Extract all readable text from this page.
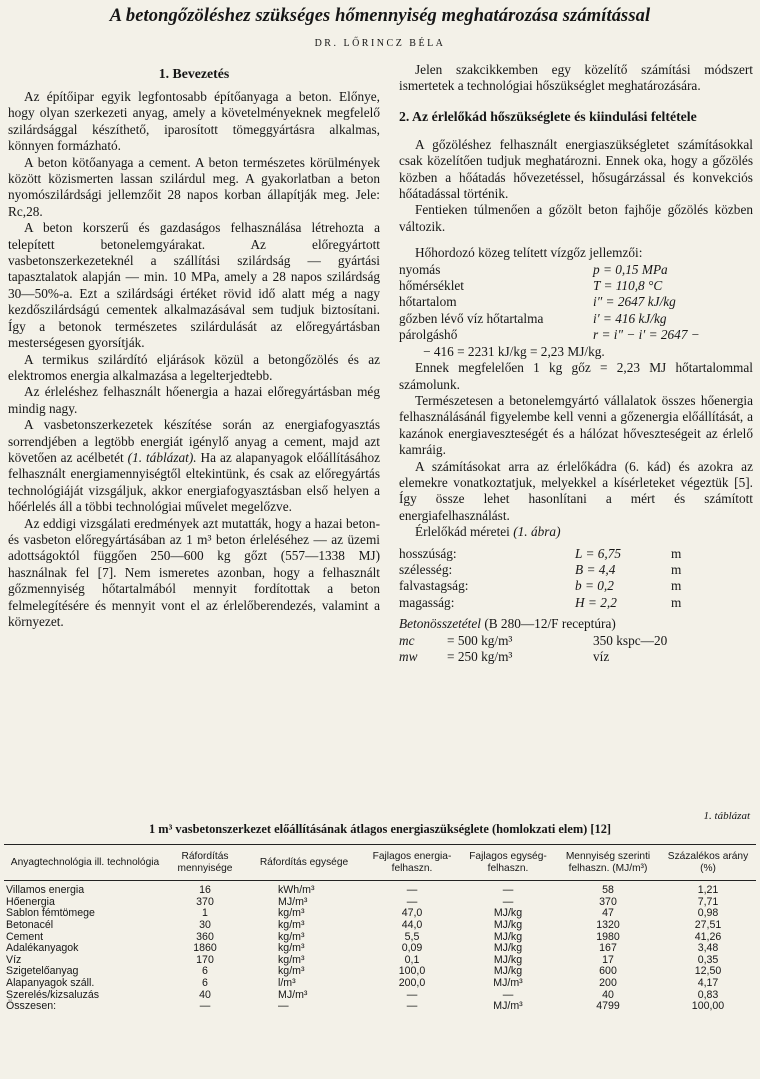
A betongőzöléshez szükséges hőmennyiség meghatározása számítással
DR. LŐRINCZ BÉLA
1. Bevezetés

Az építőipar egyik legfontosabb építőanyaga a beton. Előnye, hogy olyan szerkezeti anyag, amely a követelményeknek megfelelő szilárdsággal készíthető, iparosított tömeggyártásra alkalmas, könnyen formázható.

A beton kötőanyaga a cement. A beton természetes körülmények között közismerten lassan szilárdul meg. A gyakorlatban a beton nyomószilárdsági jellemzőit 28 napos korban állapítják meg. Jele: Rc,28.

A beton korszerű és gazdaságos felhasználása létrehozta a telepített betonelemgyárakat. Az előregyártott vasbetonszerkezeteknél a szállítási szilárdság — gyártási tapasztalatok alapján — min. 10 MPa, amely a 28 napos szilárdság 30—50%-a. Ezt a szilárdsági értéket rövid idő alatt még a nagy kezdőszilárdságú cementek alkalmazásával sem tudjuk biztosítani. Így a betonok természetes szilárdulását az előregyártásban mesterségesen gyorsítják.

A termikus szilárdító eljárások közül a betongőzölés és az elektromos energia alkalmazása a legelterjedtebb.

Az érleléshez felhasznált hőenergia a hazai előregyártásban még mindig nagy.

A vasbetonszerkezetek készítése során az energiafogyasztás sorrendjében a legtöbb energiát igénylő anyag a cement, majd azt követően az acélbetét (1. táblázat). Ha az alapanyagok előállításához felhasznált energiamennyiségtől eltekintünk, és csak az előregyártás technológiáját vizsgáljuk, akkor energiafogyasztásban első helyen a hőérlelés áll a többi technológiai művelet megelőzve.

Az eddigi vizsgálati eredmények azt mutatták, hogy a hazai beton- és vasbeton előregyártásában az 1 m³ beton érleléséhez — az üzemi adottságoktól függően 250—600 kg gőzt (557—1338 MJ) használnak fel [7]. Nem ismeretes azonban, hogy a felhasznált gőzmennyiség hőtartalmából mennyit fordítottak a beton felmelegítésére és mennyit vont el az érlelőberendezés, valamint a környezet.

Jelen szakcikkemben egy közelítő számítási módszert ismertetek a technológiai hőszükséglet meghatározására.

2. Az érlelőkád hőszükséglete és kiindulási feltétele

A gőzöléshez felhasznált energiaszükségletet számításokkal csak közelítően tudjuk meghatározni. Ennek oka, hogy a gőzölés közben a hőátadás hővezetéssel, hősugárzással és konvekciós hőátadással történik.

Fentieken túlmenően a gőzölt beton fajhője gőzölés közben változik.

Hőhordozó közeg telített vízgőz jellemzői:

nyomás	p = 0,15 MPa
hőmérséklet	T = 110,8 °C
hőtartalom	i″ = 2647 kJ/kg
gőzben lévő víz hőtartalma	i′ = 416 kJ/kg
párolgáshő	r = i″ − i′ = 2647 −

− 416 = 2231 kJ/kg = 2,23 MJ/kg.

Ennek megfelelően 1 kg gőz = 2,23 MJ hőtartalommal számolunk.

Természetesen a betonelemgyártó vállalatok összes hőenergia felhasználásánál figyelembe kell venni a gőzenergia előállítását, a kazánok energiaveszteségét és a hálózat hőveszteségeit az érlelő kamráig.

A számításokat arra az érlelőkádra (6. kád) és azokra az elemekre vonatkoztatjuk, melyekkel a kísérleteket végeztük [5]. Így össze lehet hasonlítani a mért és számított energiafelhasználást.

Érlelőkád méretei (1. ábra)

hosszúság:	L = 6,75	m
szélesség:	B = 4,4	m
falvastagság:	b = 0,2	m
magasság:	H = 2,2	m

Betonösszetétel (B 280—12/F receptúra)

mc	= 500 kg/m³	350 kspc—20
mw	= 250 kg/m³	víz
1. táblázat
1 m³ vasbetonszerkezet előállításának átlagos energiaszükséglete (homlokzati elem) [12]
Anyagtechnológia ill. technológia	Ráfordítás mennyisége	Ráfordítás egysége	Fajlagos energia-felhaszn.	Fajlagos egység-felhaszn.	Mennyiség szerinti felhaszn. (MJ/m³)	Százalékos arány (%)
Villamos energia	16	kWh/m³	—	—	58	1,21
Hőenergia	370	MJ/m³	—	—	370	7,71
Sablon fémtömege	1	kg/m³	47,0	MJ/kg	47	0,98
Betonacél	30	kg/m³	44,0	MJ/kg	1320	27,51
Cement	360	kg/m³	5,5	MJ/kg	1980	41,26
Adalékanyagok	1860	kg/m³	0,09	MJ/kg	167	3,48
Víz	170	kg/m³	0,1	MJ/kg	17	0,35
Szigetelőanyag	6	kg/m³	100,0	MJ/kg	600	12,50
Alapanyagok száll.	6	l/m³	200,0	MJ/m³	200	4,17
Szerelés/kizsaluzás	40	MJ/m³	—	—	40	0,83
Összesen:	—	—	—	MJ/m³	4799	100,00
